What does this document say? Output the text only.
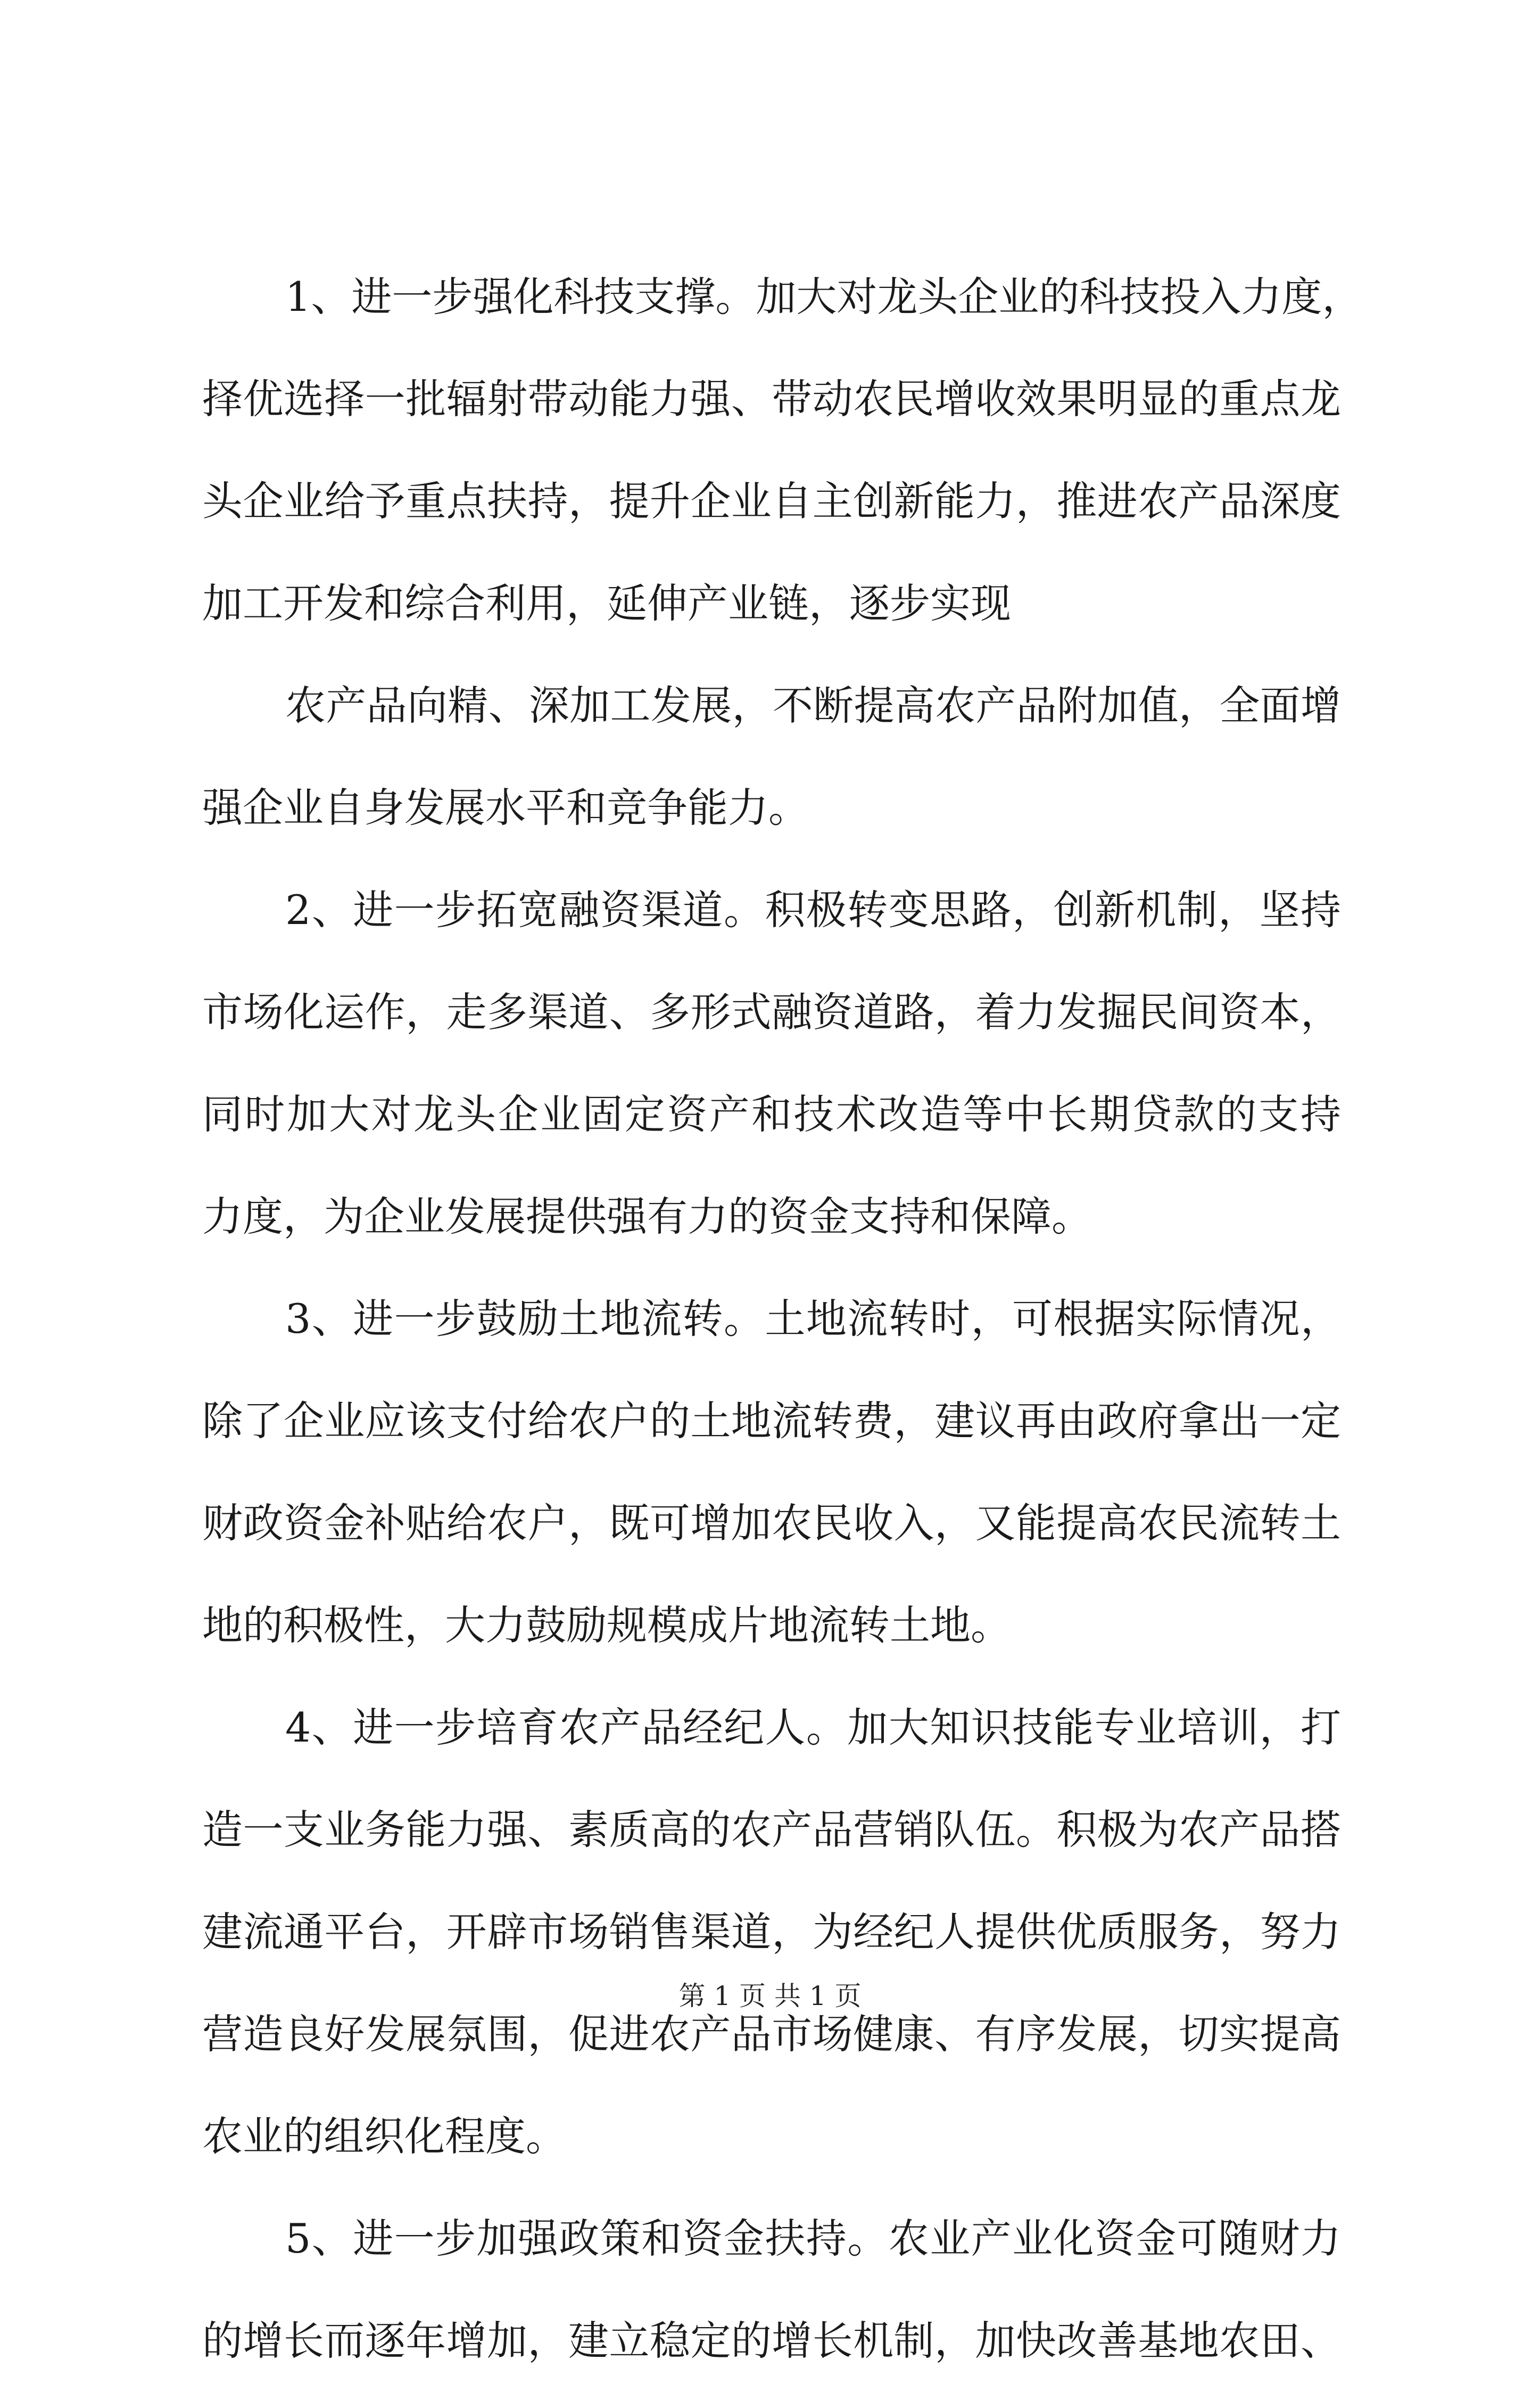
1、进一步强化科技支撑。加大对龙头企业的科技投入力度，
择优选择一批辐射带动能力强、带动农民增收效果明显的重点龙
头企业给予重点扶持，提升企业自主创新能力，推进农产品深度
加工开发和综合利用，延伸产业链，逐步实现
农产品向精、深加工发展，不断提高农产品附加值，全面增
强企业自身发展水平和竞争能力。
2、进一步拓宽融资渠道。积极转变思路，创新机制，坚持
市场化运作，走多渠道、多形式融资道路，着力发掘民间资本，
同时加大对龙头企业固定资产和技术改造等中长期贷款的支持
力度，为企业发展提供强有力的资金支持和保障。
3、进一步鼓励土地流转。土地流转时，可根据实际情况，
除了企业应该支付给农户的土地流转费，建议再由政府拿出一定
财政资金补贴给农户，既可增加农民收入，又能提高农民流转土
地的积极性，大力鼓励规模成片地流转土地。
4、进一步培育农产品经纪人。加大知识技能专业培训，打
造一支业务能力强、素质高的农产品营销队伍。积极为农产品搭
建流通平台，开辟市场销售渠道，为经纪人提供优质服务，努力
营造良好发展氛围，促进农产品市场健康、有序发展，切实提高
农业的组织化程度。
5、进一步加强政策和资金扶持。农业产业化资金可随财力
的增长而逐年增加，建立稳定的增长机制，加快改善基地农田、
第 1 页 共 1 页
